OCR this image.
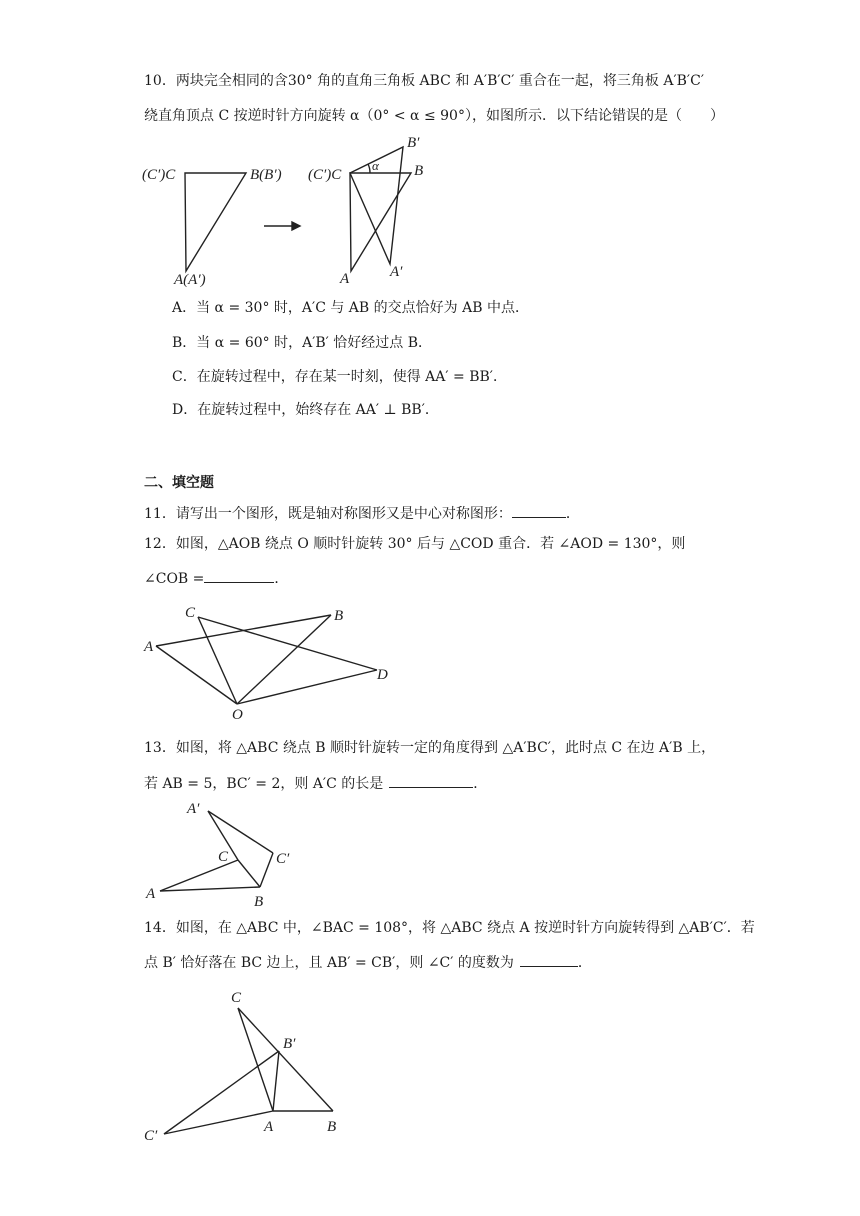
10．两块完全相同的含30° 角的直角三角板 ABC 和 A′B′C′ 重合在一起，将三角板 A′B′C′
绕直角顶点 C 按逆时针方向旋转 α（0° < α ≤ 90°），如图所示．以下结论错误的是（　　）
(C′)C	B(B′)
A(A′)
(C′)C	B
B′
A	A′
α
A．当 α = 30° 时，A′C 与 AB 的交点恰好为 AB 中点．
B．当 α = 60° 时，A′B′ 恰好经过点 B．
C．在旋转过程中，存在某一时刻，使得 AA′ = BB′．
D．在旋转过程中，始终存在 AA′ ⊥ BB′．
二、填空题
11．请写出一个图形，既是轴对称图形又是中心对称图形：	．
12．如图，△AOB 绕点 O 顺时针旋转 30° 后与 △COD 重合．若 ∠AOD = 130°，则
∠COB =	．
A
B
C
D
O
13．如图，将 △ABC 绕点 B 顺时针旋转一定的角度得到 △A′BC′，此时点 C 在边 A′B 上，
若 AB = 5，BC′ = 2，则 A′C 的长是	．
A′
C	C′
A	B
14．如图，在 △ABC 中，∠BAC = 108°，将 △ABC 绕点 A 按逆时针方向旋转得到 △AB′C′．若
点 B′ 恰好落在 BC 边上，且 AB′ = CB′，则 ∠C′ 的度数为	．
C
B′
C′
A	B
